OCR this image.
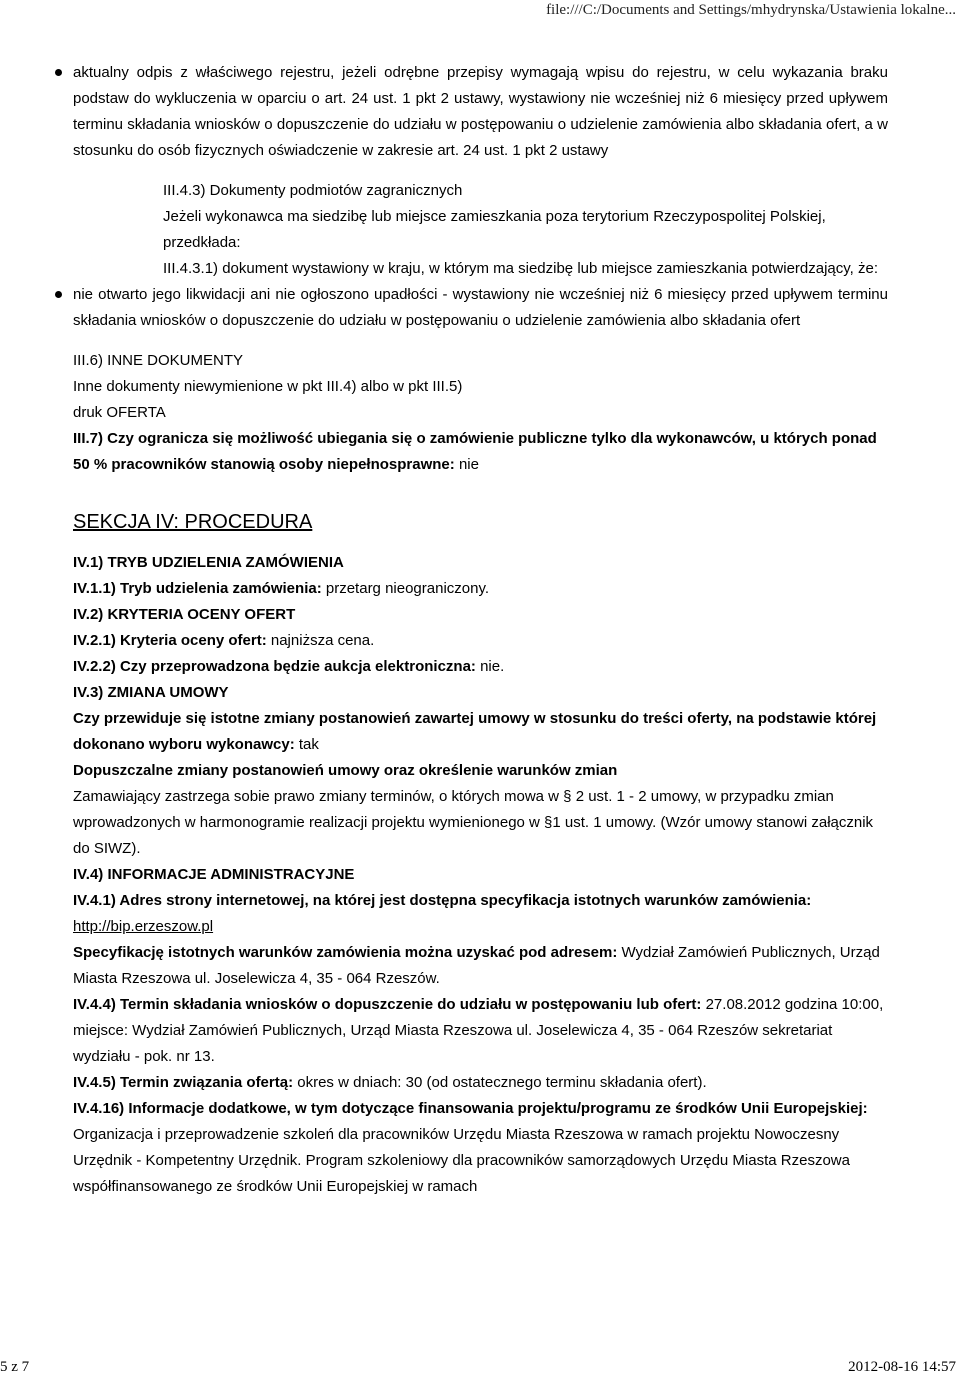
file:///C:/Documents and Settings/mhydrynska/Ustawienia lokalne...
aktualny odpis z właściwego rejestru, jeżeli odrębne przepisy wymagają wpisu do rejestru, w celu wykazania braku podstaw do wykluczenia w oparciu o art. 24 ust. 1 pkt 2 ustawy, wystawiony nie wcześniej niż 6 miesięcy przed upływem terminu składania wniosków o dopuszczenie do udziału w postępowaniu o udzielenie zamówienia albo składania ofert, a w stosunku do osób fizycznych oświadczenie w zakresie art. 24 ust. 1 pkt 2 ustawy

III.4.3) Dokumenty podmiotów zagranicznych

Jeżeli wykonawca ma siedzibę lub miejsce zamieszkania poza terytorium Rzeczypospolitej Polskiej, przedkłada:

III.4.3.1) dokument wystawiony w kraju, w którym ma siedzibę lub miejsce zamieszkania potwierdzający, że:

nie otwarto jego likwidacji ani nie ogłoszono upadłości - wystawiony nie wcześniej niż 6 miesięcy przed upływem terminu składania wniosków o dopuszczenie do udziału w postępowaniu o udzielenie zamówienia albo składania ofert

III.6) INNE DOKUMENTY

Inne dokumenty niewymienione w pkt III.4) albo w pkt III.5)

druk OFERTA

III.7) Czy ogranicza się możliwość ubiegania się o zamówienie publiczne tylko dla wykonawców, u których ponad 50 % pracowników stanowią osoby niepełnosprawne: nie

SEKCJA IV: PROCEDURA

IV.1) TRYB UDZIELENIA ZAMÓWIENIA

IV.1.1) Tryb udzielenia zamówienia: przetarg nieograniczony.

IV.2) KRYTERIA OCENY OFERT

IV.2.1) Kryteria oceny ofert: najniższa cena.

IV.2.2) Czy przeprowadzona będzie aukcja elektroniczna: nie.

IV.3) ZMIANA UMOWY

Czy przewiduje się istotne zmiany postanowień zawartej umowy w stosunku do treści oferty, na podstawie której dokonano wyboru wykonawcy: tak

Dopuszczalne zmiany postanowień umowy oraz określenie warunków zmian

Zamawiający zastrzega sobie prawo zmiany terminów, o których mowa w § 2 ust. 1 - 2 umowy, w przypadku zmian wprowadzonych w harmonogramie realizacji projektu wymienionego w §1 ust. 1 umowy. (Wzór umowy stanowi załącznik do SIWZ).

IV.4) INFORMACJE ADMINISTRACYJNE

IV.4.1) Adres strony internetowej, na której jest dostępna specyfikacja istotnych warunków zamówienia: http://bip.erzeszow.pl

Specyfikację istotnych warunków zamówienia można uzyskać pod adresem: Wydział Zamówień Publicznych, Urząd Miasta Rzeszowa ul. Joselewicza 4, 35 - 064 Rzeszów.

IV.4.4) Termin składania wniosków o dopuszczenie do udziału w postępowaniu lub ofert: 27.08.2012 godzina 10:00, miejsce: Wydział Zamówień Publicznych, Urząd Miasta Rzeszowa ul. Joselewicza 4, 35 - 064 Rzeszów sekretariat wydziału - pok. nr 13.

IV.4.5) Termin związania ofertą: okres w dniach: 30 (od ostatecznego terminu składania ofert).

IV.4.16) Informacje dodatkowe, w tym dotyczące finansowania projektu/programu ze środków Unii Europejskiej: Organizacja i przeprowadzenie szkoleń dla pracowników Urzędu Miasta Rzeszowa w ramach projektu Nowoczesny Urzędnik - Kompetentny Urzędnik. Program szkoleniowy dla pracowników samorządowych Urzędu Miasta Rzeszowa współfinansowanego ze środków Unii Europejskiej w ramach

5 z 7	2012-08-16 14:57
